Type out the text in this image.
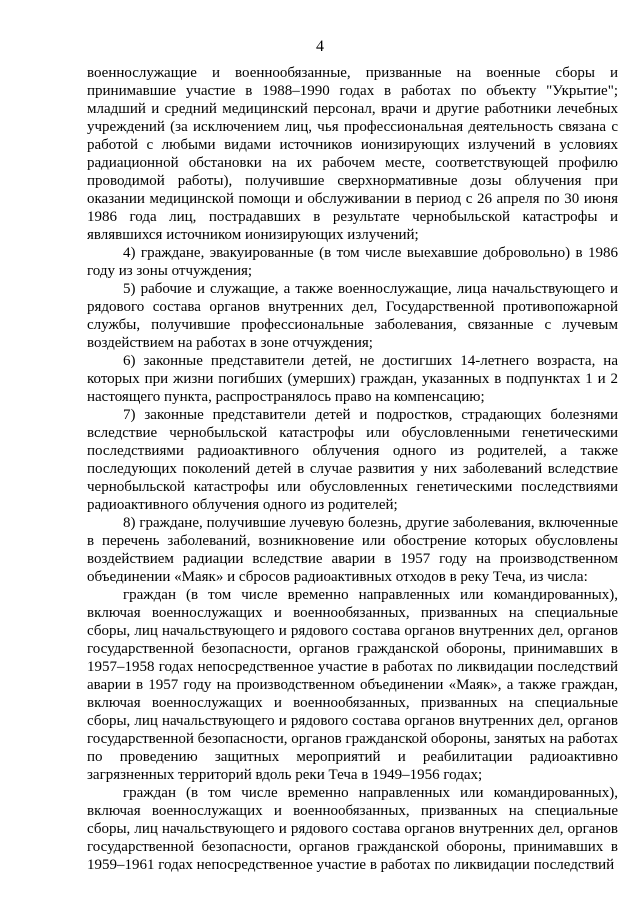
4

военнослужащие и военнообязанные, призванные на военные сборы и принимавшие участие в 1988–1990 годах в работах по объекту "Укрытие"; младший и средний медицинский персонал, врачи и другие работники лечебных учреждений (за исключением лиц, чья профессиональная деятельность связана с работой с любыми видами источников ионизирующих излучений в условиях радиационной обстановки на их рабочем месте, соответствующей профилю проводимой работы), получившие сверхнормативные дозы облучения при оказании медицинской помощи и обслуживании в период с 26 апреля по 30 июня 1986 года лиц, пострадавших в результате чернобыльской катастрофы и являвшихся источником ионизирующих излучений;

4) граждане, эвакуированные (в том числе выехавшие добровольно) в 1986 году из зоны отчуждения;

5) рабочие и служащие, а также военнослужащие, лица начальствующего и рядового состава органов внутренних дел, Государственной противопожарной службы, получившие профессиональные заболевания, связанные с лучевым воздействием на работах в зоне отчуждения;

6) законные представители детей, не достигших 14-летнего возраста, на которых при жизни погибших (умерших) граждан, указанных в подпунктах 1 и 2 настоящего пункта, распространялось право на компенсацию;

7) законные представители детей и подростков, страдающих болезнями вследствие чернобыльской катастрофы или обусловленными генетическими последствиями радиоактивного облучения одного из родителей, а также последующих поколений детей в случае развития у них заболеваний вследствие чернобыльской катастрофы или обусловленных генетическими последствиями радиоактивного облучения одного из родителей;

8) граждане, получившие лучевую болезнь, другие заболевания, включенные в перечень заболеваний, возникновение или обострение которых обусловлены воздействием радиации вследствие аварии в 1957 году на производственном объединении «Маяк» и сбросов радиоактивных отходов в реку Теча, из числа:

граждан (в том числе временно направленных или командированных), включая военнослужащих и военнообязанных, призванных на специальные сборы, лиц начальствующего и рядового состава органов внутренних дел, органов государственной безопасности, органов гражданской обороны, принимавших в 1957–1958 годах непосредственное участие в работах по ликвидации последствий аварии в 1957 году на производственном объединении «Маяк», а также граждан, включая военнослужащих и военнообязанных, призванных на специальные сборы, лиц начальствующего и рядового состава органов внутренних дел, органов государственной безопасности, органов гражданской обороны, занятых на работах по проведению защитных мероприятий и реабилитации радиоактивно загрязненных территорий вдоль реки Теча в 1949–1956 годах;

граждан (в том числе временно направленных или командированных), включая военнослужащих и военнообязанных, призванных на специальные сборы, лиц начальствующего и рядового состава органов внутренних дел, органов государственной безопасности, органов гражданской обороны, принимавших в 1959–1961 годах непосредственное участие в работах по ликвидации последствий
